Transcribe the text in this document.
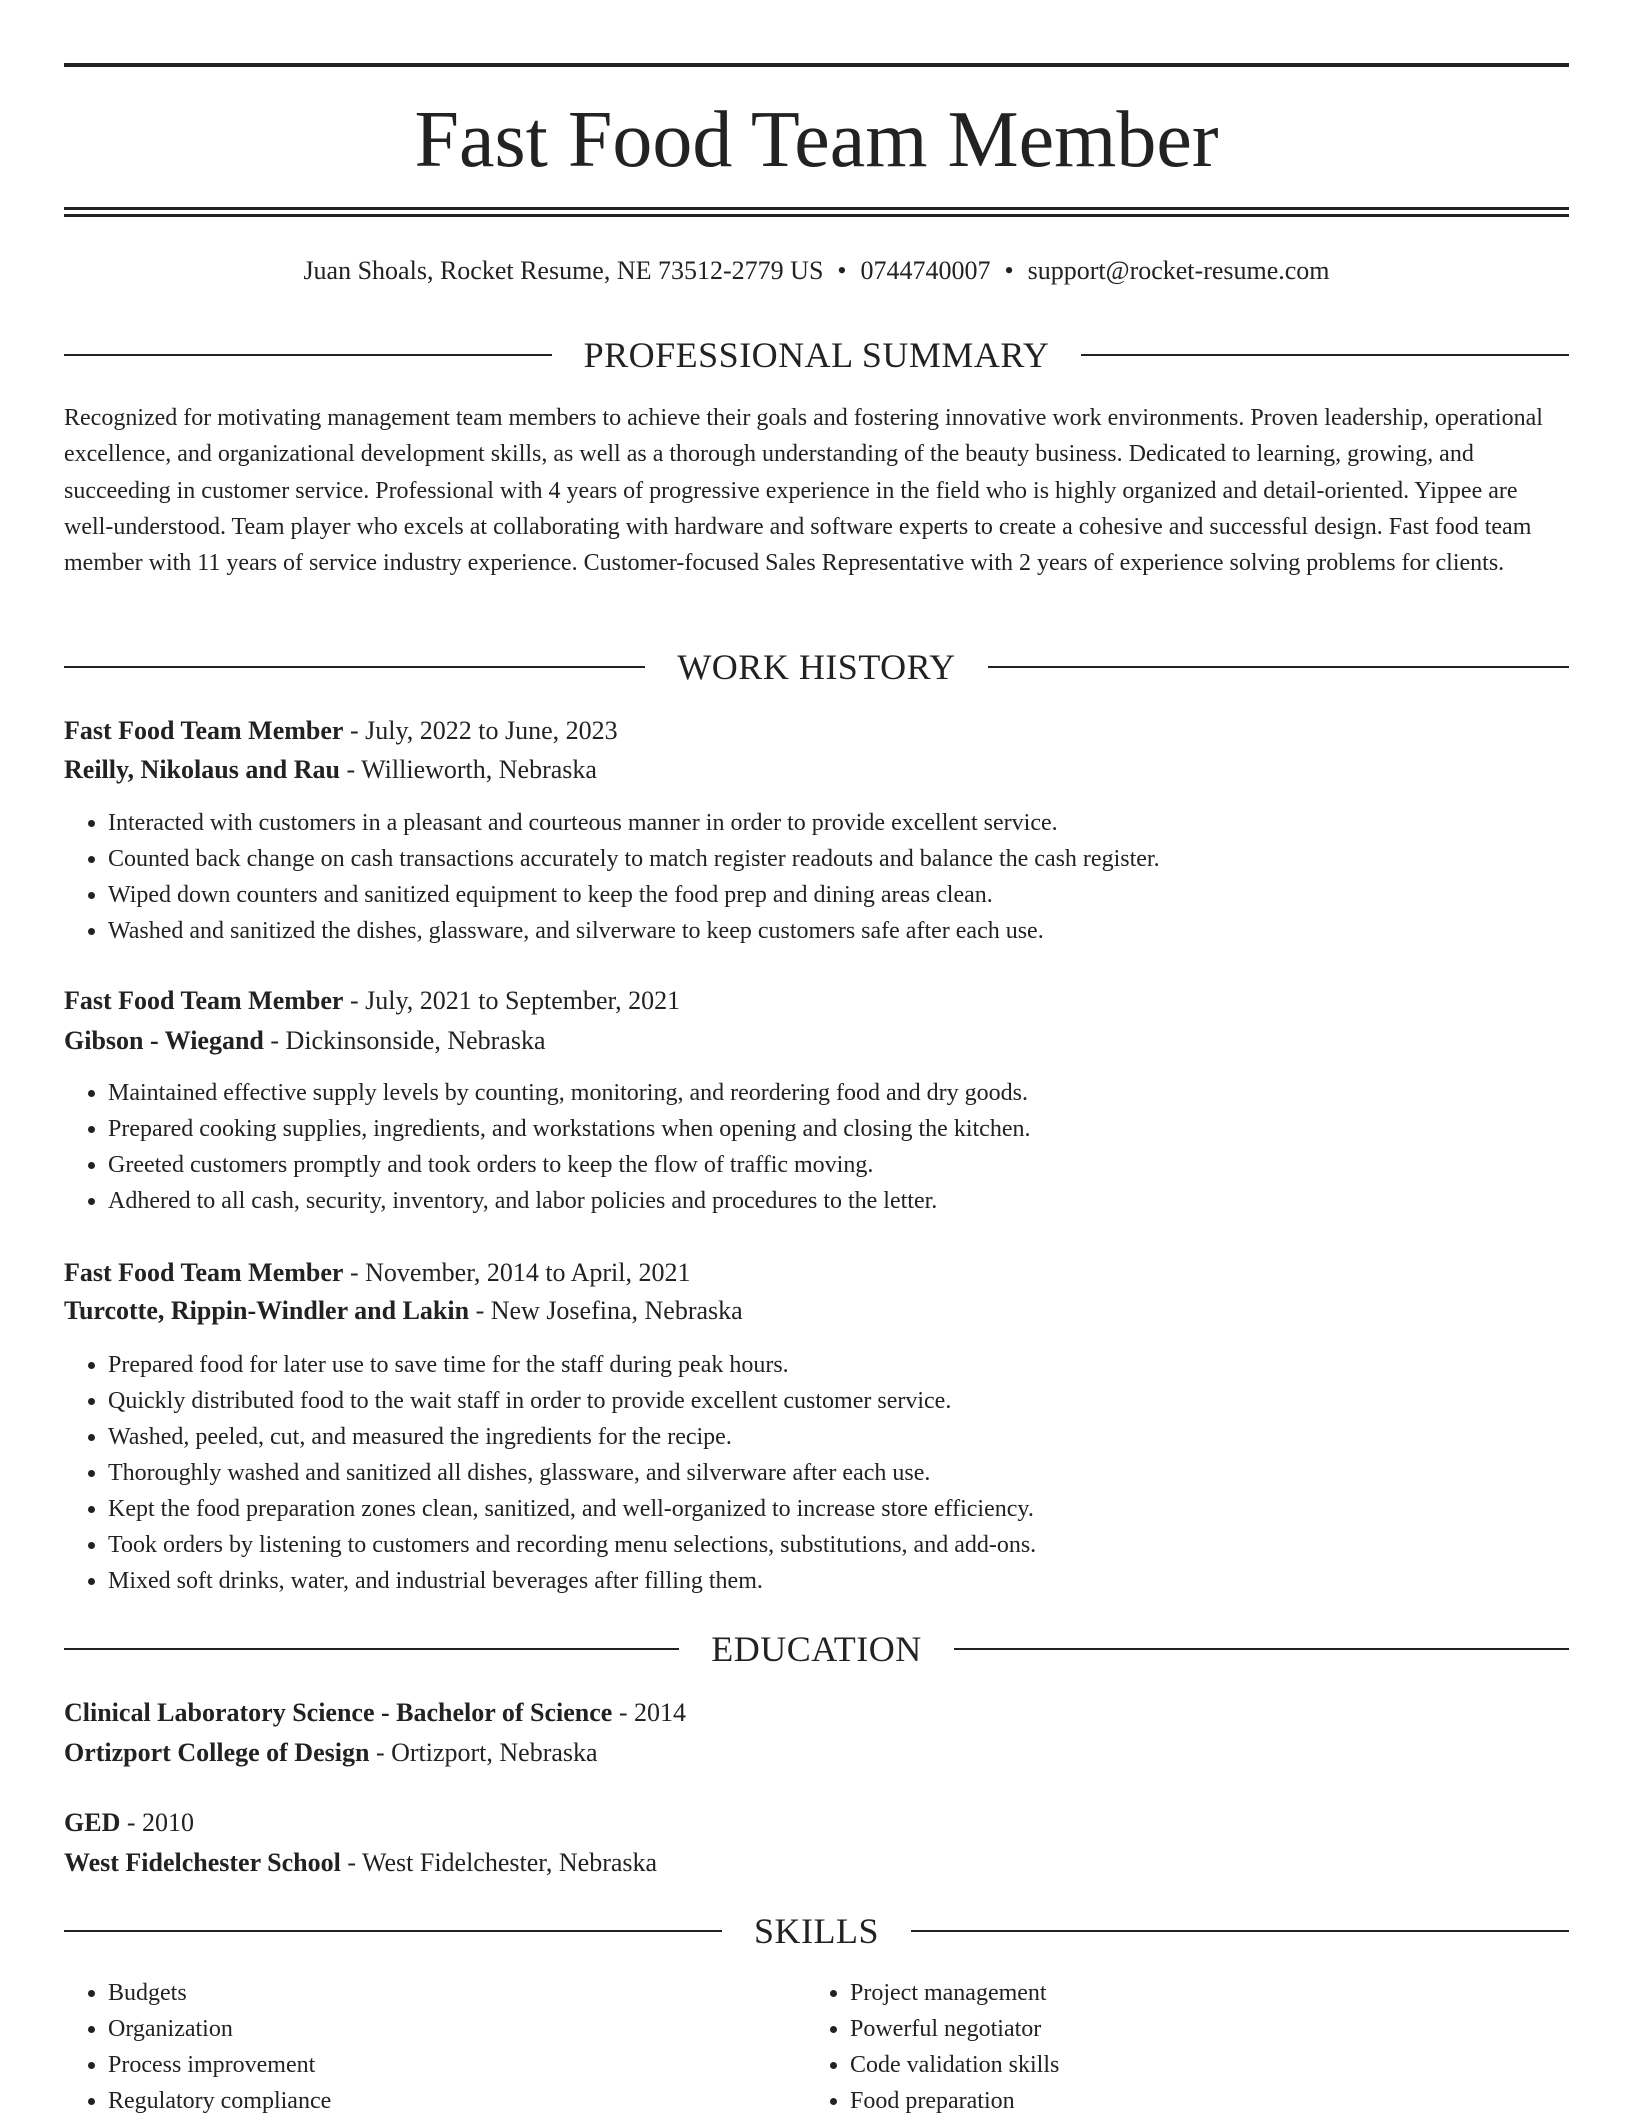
Fast Food Team Member
Juan Shoals, Rocket Resume, NE 73512-2779 US • 0744740007 • support@rocket-resume.com
PROFESSIONAL SUMMARY

Recognized for motivating management team members to achieve their goals and fostering innovative work environments. Proven leadership, operational excellence, and organizational development skills, as well as a thorough understanding of the beauty business. Dedicated to learning, growing, and succeeding in customer service. Professional with 4 years of progressive experience in the field who is highly organized and detail-oriented. Yippee are well-understood. Team player who excels at collaborating with hardware and software experts to create a cohesive and successful design. Fast food team member with 11 years of service industry experience. Customer-focused Sales Representative with 2 years of experience solving problems for clients.

WORK HISTORY
Fast Food Team Member - July, 2022 to June, 2023
Reilly, Nikolaus and Rau - Willieworth, Nebraska
• Interacted with customers in a pleasant and courteous manner in order to provide excellent service.
• Counted back change on cash transactions accurately to match register readouts and balance the cash register.
• Wiped down counters and sanitized equipment to keep the food prep and dining areas clean.
• Washed and sanitized the dishes, glassware, and silverware to keep customers safe after each use.
Fast Food Team Member - July, 2021 to September, 2021
Gibson - Wiegand - Dickinsonside, Nebraska
• Maintained effective supply levels by counting, monitoring, and reordering food and dry goods.
• Prepared cooking supplies, ingredients, and workstations when opening and closing the kitchen.
• Greeted customers promptly and took orders to keep the flow of traffic moving.
• Adhered to all cash, security, inventory, and labor policies and procedures to the letter.
Fast Food Team Member - November, 2014 to April, 2021
Turcotte, Rippin-Windler and Lakin - New Josefina, Nebraska
• Prepared food for later use to save time for the staff during peak hours.
• Quickly distributed food to the wait staff in order to provide excellent customer service.
• Washed, peeled, cut, and measured the ingredients for the recipe.
• Thoroughly washed and sanitized all dishes, glassware, and silverware after each use.
• Kept the food preparation zones clean, sanitized, and well-organized to increase store efficiency.
• Took orders by listening to customers and recording menu selections, substitutions, and add-ons.
• Mixed soft drinks, water, and industrial beverages after filling them.
EDUCATION
Clinical Laboratory Science - Bachelor of Science - 2014
Ortizport College of Design - Ortizport, Nebraska
GED - 2010
West Fidelchester School - West Fidelchester, Nebraska
SKILLS
• Budgets
• Organization
• Process improvement
• Regulatory compliance
• Project management
• Powerful negotiator
• Code validation skills
• Food preparation
